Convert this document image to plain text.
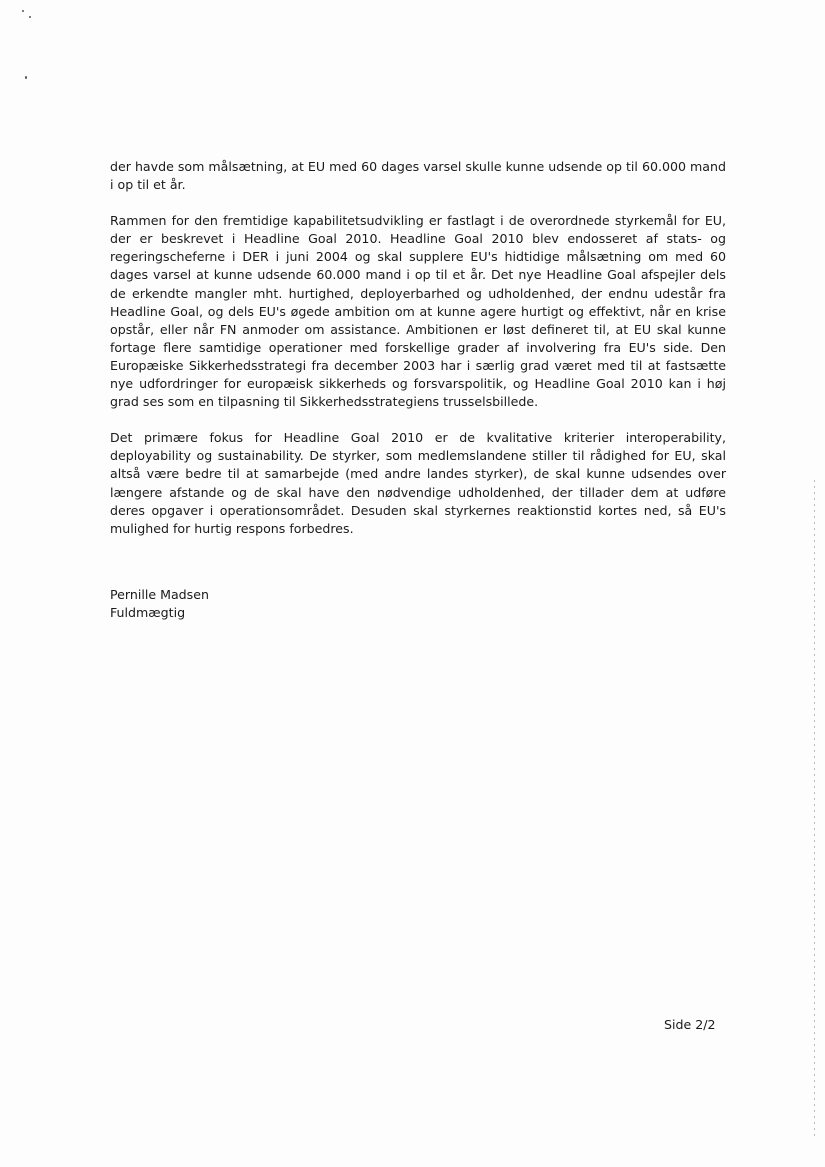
der havde som målsætning, at EU med 60 dages varsel skulle kunne udsende op til 60.000 mand i op til et år.

Rammen for den fremtidige kapabilitetsudvikling er fastlagt i de overordnede styrkemål for EU, der er beskrevet i Headline Goal 2010. Headline Goal 2010 blev endosseret af stats- og regeringscheferne i DER i juni 2004 og skal supplere EU's hidtidige målsætning om med 60 dages varsel at kunne udsende 60.000 mand i op til et år. Det nye Headline Goal afspejler dels de erkendte mangler mht. hurtighed, deployerbarhed og udholdenhed, der endnu udestår fra Headline Goal, og dels EU's øgede ambition om at kunne agere hurtigt og effektivt, når en krise opstår, eller når FN anmoder om assistance. Ambitionen er løst defineret til, at EU skal kunne fortage flere samtidige operationer med forskellige grader af involvering fra EU's side. Den Europæiske Sikkerhedsstrategi fra december 2003 har i særlig grad været med til at fastsætte nye udfordringer for europæisk sikkerheds og forsvarspolitik, og Headline Goal 2010 kan i høj grad ses som en tilpasning til Sikkerhedsstrategiens trusselsbillede.

Det primære fokus for Headline Goal 2010 er de kvalitative kriterier interoperability, deployability og sustainability. De styrker, som medlemslandene stiller til rådighed for EU, skal altså være bedre til at samarbejde (med andre landes styrker), de skal kunne udsendes over længere afstande og de skal have den nødvendige udholdenhed, der tillader dem at udføre deres opgaver i operationsområdet. Desuden skal styrkernes reaktionstid kortes ned, så EU's mulighed for hurtig respons forbedres.

Pernille Madsen
Fuldmægtig
Side 2/2
